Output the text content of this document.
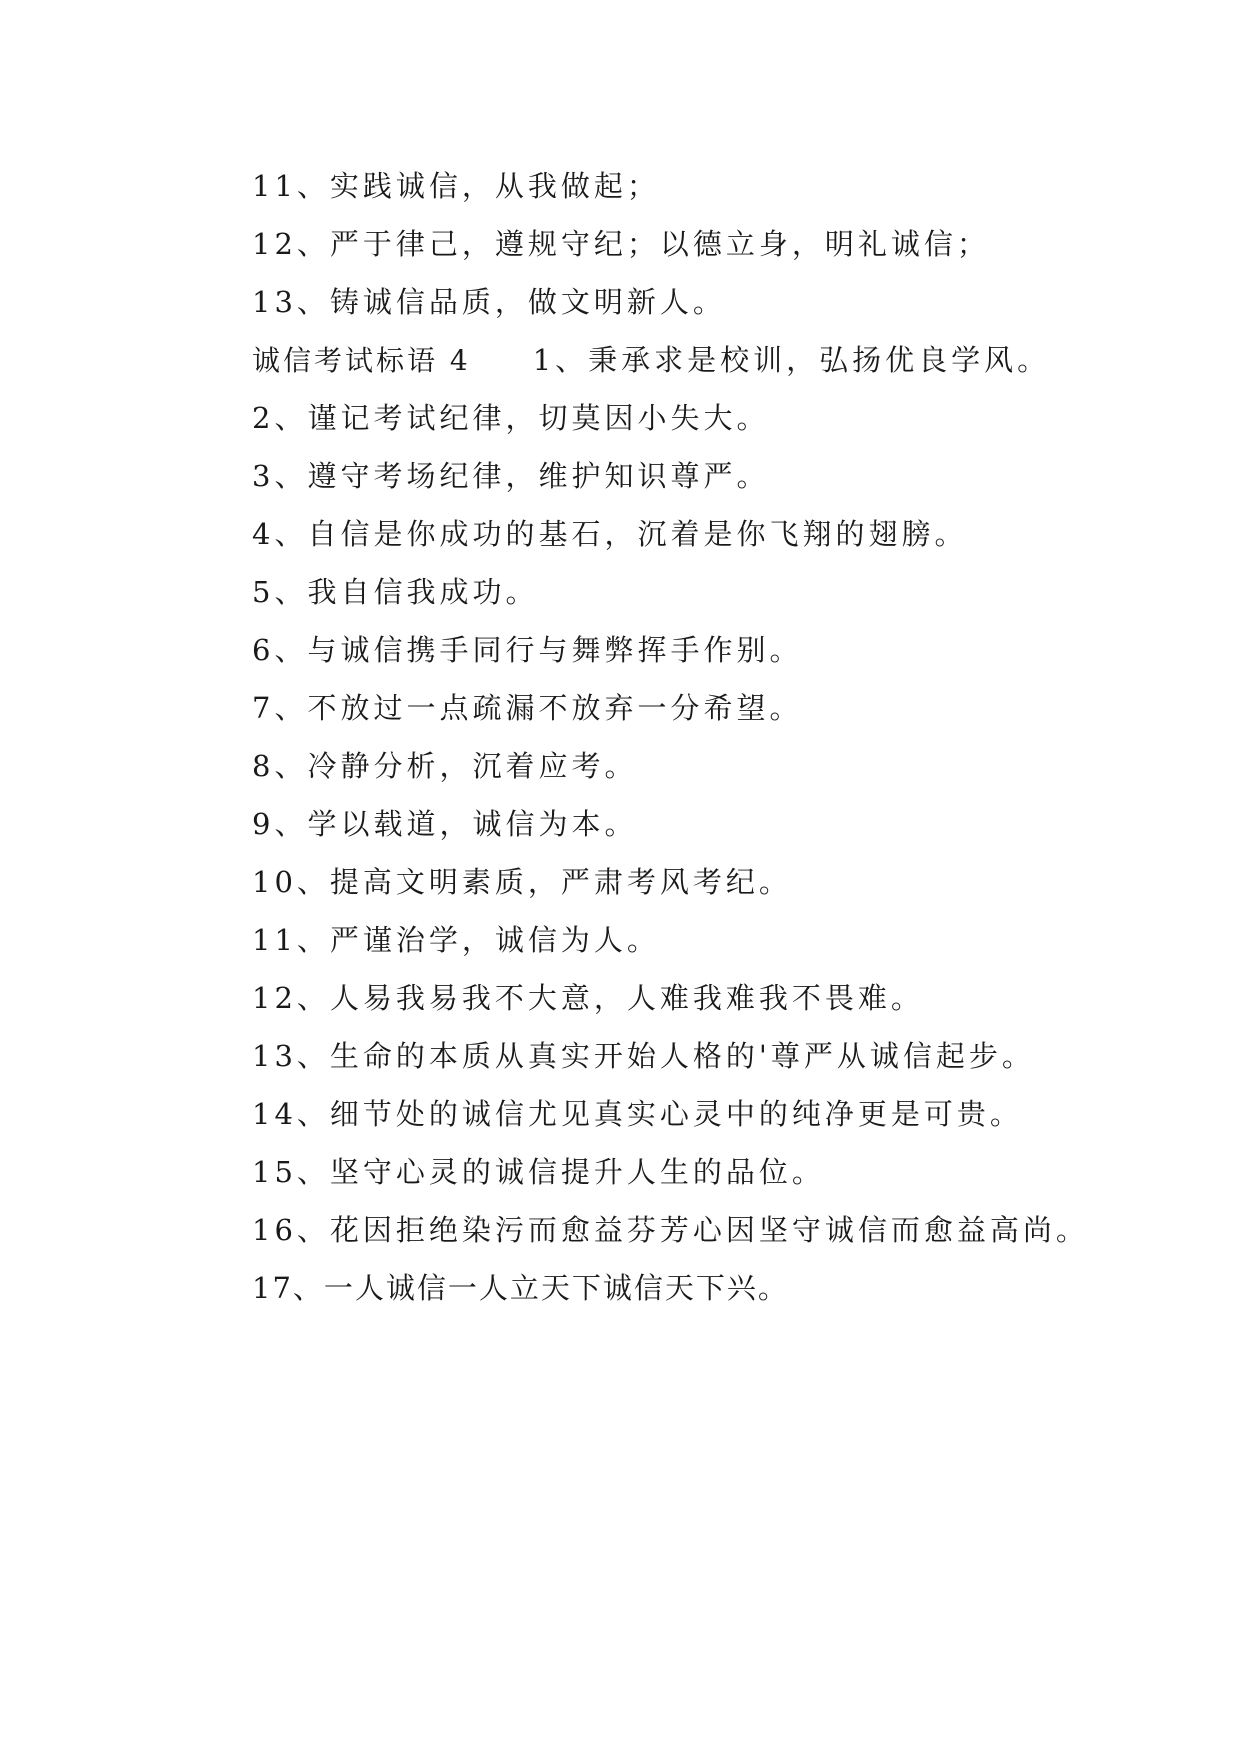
11、实践诚信，从我做起；
12、严于律己，遵规守纪；以德立身，明礼诚信；
13、铸诚信品质，做文明新人。
诚信考试标语 4 1、秉承求是校训，弘扬优良学风。
2、谨记考试纪律，切莫因小失大。
3、遵守考场纪律，维护知识尊严。
4、自信是你成功的基石，沉着是你飞翔的翅膀。
5、我自信我成功。
6、与诚信携手同行与舞弊挥手作别。
7、不放过一点疏漏不放弃一分希望。
8、冷静分析，沉着应考。
9、学以载道，诚信为本。
10、提高文明素质，严肃考风考纪。
11、严谨治学，诚信为人。
12、人易我易我不大意，人难我难我不畏难。
13、生命的本质从真实开始人格的'尊严从诚信起步。
14、细节处的诚信尤见真实心灵中的纯净更是可贵。
15、坚守心灵的诚信提升人生的品位。
16、花因拒绝染污而愈益芬芳心因坚守诚信而愈益高尚。
17、一人诚信一人立天下诚信天下兴。
